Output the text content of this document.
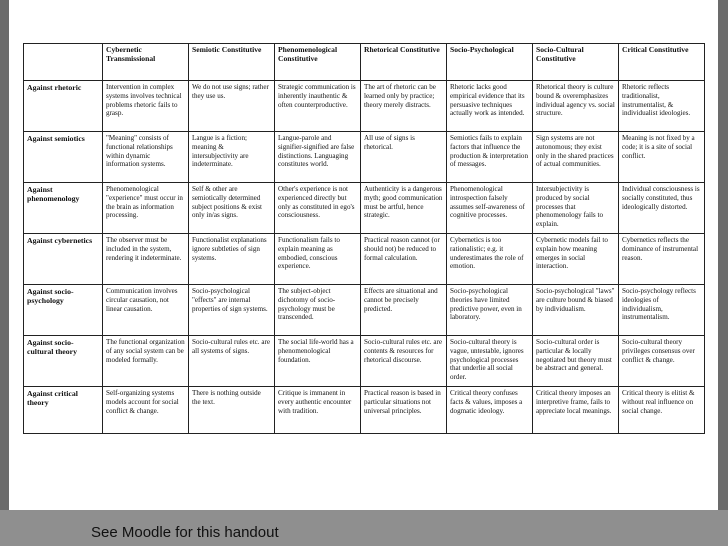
	Cybernetic Transmissional	Semiotic Constitutive	Phenomenological Constitutive	Rhetorical Constitutive	Socio-Psychological	Socio-Cultural Constitutive	Critical Constitutive
Against rhetoric	Intervention in complex systems involves technical problems rhetoric fails to grasp.	We do not use signs; rather they use us.	Strategic communication is inherently inauthentic & often counterproductive.	The art of rhetoric can be learned only by practice; theory merely distracts.	Rhetoric lacks good empirical evidence that its persuasive techniques actually work as intended.	Rhetorical theory is culture bound & overemphasizes individual agency vs. social structure.	Rhetoric reflects traditionalist, instrumentalist, & individualist ideologies.
Against semiotics	"Meaning" consists of functional relationships within dynamic information systems.	Langue is a fiction; meaning & intersubjectivity are indeterminate.	Langue-parole and signifier-signified are false distinctions. Languaging constitutes world.	All use of signs is rhetorical.	Semiotics fails to explain factors that influence the production & interpretation of messages.	Sign systems are not autonomous; they exist only in the shared practices of actual communities.	Meaning is not fixed by a code; it is a site of social conflict.
Against phenomenology	Phenomenological "experience" must occur in the brain as information processing.	Self & other are semiotically determined subject positions & exist only in/as signs.	Other's experience is not experienced directly but only as constituted in ego's consciousness.	Authenticity is a dangerous myth; good communication must be artful, hence strategic.	Phenomenological introspection falsely assumes self-awareness of cognitive processes.	Intersubjectivity is produced by social processes that phenomenology fails to explain.	Individual consciousness is socially constituted, thus ideologically distorted.
Against cybernetics	The observer must be included in the system, rendering it indeterminate.	Functionalist explanations ignore subtleties of sign systems.	Functionalism fails to explain meaning as embodied, conscious experience.	Practical reason cannot (or should not) be reduced to formal calculation.	Cybernetics is too rationalistic; e.g. it underestimates the role of emotion.	Cybernetic models fail to explain how meaning emerges in social interaction.	Cybernetics reflects the dominance of instrumental reason.
Against socio-psychology	Communication involves circular causation, not linear causation.	Socio-psychological "effects" are internal properties of sign systems.	The subject-object dichotomy of socio-psychology must be transcended.	Effects are situational and cannot be precisely predicted.	Socio-psychological theories have limited predictive power, even in laboratory.	Socio-psychological "laws" are culture bound & biased by individualism.	Socio-psychology reflects ideologies of individualism, instrumentalism.
Against socio-cultural theory	The functional organization of any social system can be modeled formally.	Socio-cultural rules etc. are all systems of signs.	The social life-world has a phenomenological foundation.	Socio-cultural rules etc. are contents & resources for rhetorical discourse.	Socio-cultural theory is vague, untestable, ignores psychological processes that underlie all social order.	Socio-cultural order is particular & locally negotiated but theory must be abstract and general.	Socio-cultural theory privileges consensus over conflict & change.
Against critical theory	Self-organizing systems models account for social conflict & change.	There is nothing outside the text.	Critique is immanent in every authentic encounter with tradition.	Practical reason is based in particular situations not universal principles.	Critical theory confuses facts & values, imposes a dogmatic ideology.	Critical theory imposes an interpretive frame, fails to appreciate local meanings.	Critical theory is elitist & without real influence on social change.
See Moodle for this handout
